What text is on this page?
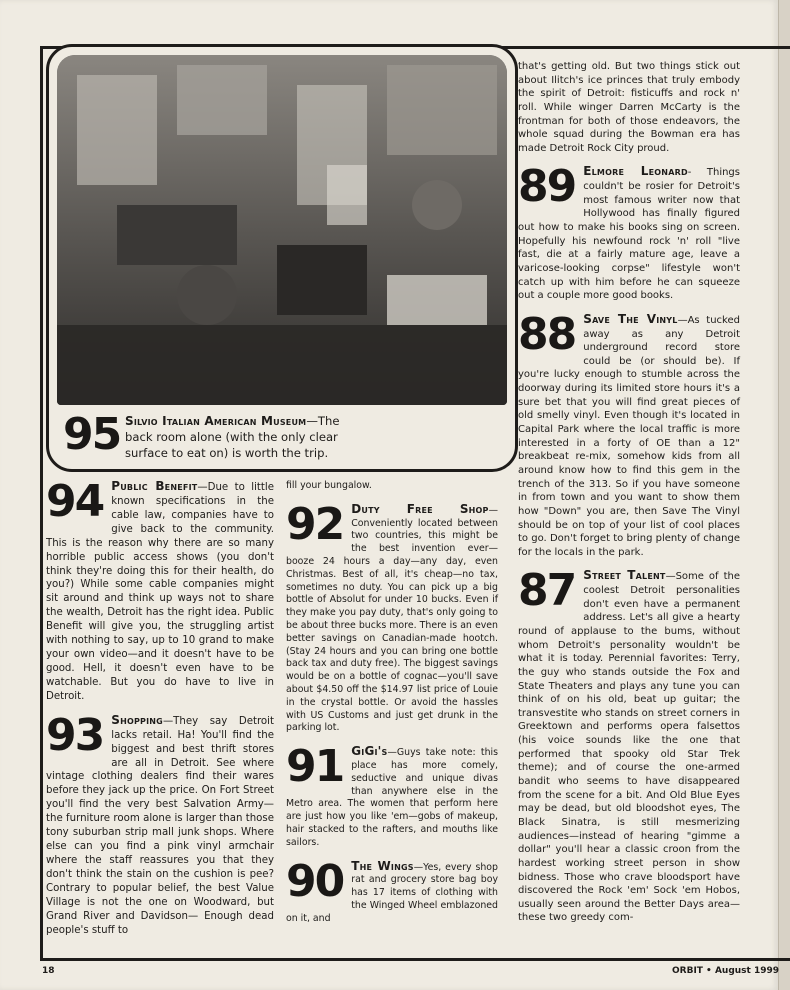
95 Silvio Italian American Museum—The back room alone (with the only clear surface to eat on) is worth the trip.
94 Public Benefit—Due to little known specifications in the cable law, companies have to give back to the community. This is the reason why there are so many horrible public access shows (you don't think they're doing this for their health, do you?) While some cable companies might sit around and think up ways not to share the wealth, Detroit has the right idea. Public Benefit will give you, the struggling artist with nothing to say, up to 10 grand to make your own video—and it doesn't have to be good. Hell, it doesn't even have to be watchable. But you do have to live in Detroit.

93 Shopping—They say Detroit lacks retail. Ha! You'll find the biggest and best thrift stores are all in Detroit. See where vintage clothing dealers find their wares before they jack up the price. On Fort Street you'll find the very best Salvation Army—the furniture room alone is larger than those tony suburban strip mall junk shops. Where else can you find a pink vinyl armchair where the staff reassures you that they don't think the stain on the cushion is pee? Contrary to popular belief, the best Value Village is not the one on Woodward, but Grand River and Davidson— Enough dead people's stuff to

fill your bungalow.

92 Duty Free Shop—Conveniently located between two countries, this might be the best invention ever—booze 24 hours a day—any day, even Christmas. Best of all, it's cheap—no tax, sometimes no duty. You can pick up a big bottle of Absolut for under 10 bucks. Even if they make you pay duty, that's only going to be about three bucks more. There is an even better savings on Canadian-made hootch. (Stay 24 hours and you can bring one bottle back tax and duty free). The biggest savings would be on a bottle of cognac—you'll save about $4.50 off the $14.97 list price of Louie in the crystal bottle. Or avoid the hassles with US Customs and just get drunk in the parking lot.

91 GiGi's—Guys take note: this place has more comely, seductive and unique divas than anywhere else in the Metro area. The women that perform here are just how you like 'em—gobs of makeup, hair stacked to the rafters, and mouths like sailors.

90 The Wings—Yes, every shop rat and grocery store bag boy has 17 items of clothing with the Winged Wheel emblazoned on it, and

that's getting old. But two things stick out about Ilitch's ice princes that truly embody the spirit of Detroit: fisticuffs and rock n' roll. While winger Darren McCarty is the frontman for both of those endeavors, the whole squad during the Bowman era has made Detroit Rock City proud.

89 Elmore Leonard- Things couldn't be rosier for Detroit's most famous writer now that Hollywood has finally figured out how to make his books sing on screen. Hopefully his newfound rock 'n' roll "live fast, die at a fairly mature age, leave a varicose-looking corpse" lifestyle won't catch up with him before he can squeeze out a couple more good books.

88 Save The Vinyl—As tucked away as any Detroit underground record store could be (or should be). If you're lucky enough to stumble across the doorway during its limited store hours it's a sure bet that you will find great pieces of old smelly vinyl. Even though it's located in Capital Park where the local traffic is more interested in a forty of OE than a 12" breakbeat re-mix, somehow kids from all around know how to find this gem in the trench of the 313. So if you have someone in from town and you want to show them how "Down" you are, then Save The Vinyl should be on top of your list of cool places to go. Don't forget to bring plenty of change for the locals in the park.

87 Street Talent—Some of the coolest Detroit personalities don't even have a permanent address. Let's all give a hearty round of applause to the bums, without whom Detroit's personality wouldn't be what it is today. Perennial favorites: Terry, the guy who stands outside the Fox and State Theaters and plays any tune you can think of on his old, beat up guitar; the transvestite who stands on street corners in Greektown and performs opera falsettos (his voice sounds like the one that performed that spooky old Star Trek theme); and of course the one-armed bandit who seems to have disappeared from the scene for a bit. And Old Blue Eyes may be dead, but old bloodshot eyes, The Black Sinatra, is still mesmerizing audiences—instead of hearing "gimme a dollar" you'll hear a classic croon from the hardest working street person in show bidness. Those who crave bloodsport have discovered the Rock 'em' Sock 'em Hobos, usually seen around the Better Days area—these two greedy com-

18	ORBIT • August 1999
